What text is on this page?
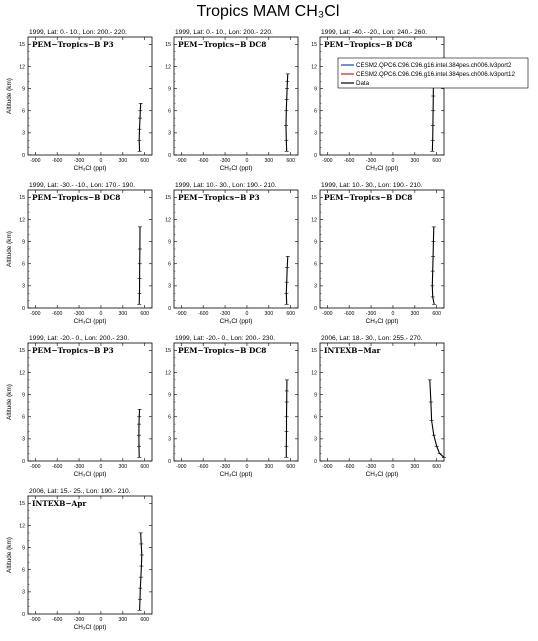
Tropics MAM CH₃Cl
1999, Lat: 0.- 10., Lon: 200.- 220.
PEM−Tropics−B P3
0
3
6
9
12
15
-900 -600 -300	0	300	600
CH₃Cl (ppt)
Altitude (km)
1999, Lat: 0.- 10., Lon: 200.- 220.
PEM−Tropics−B DC8
0
3
6
9
12
15
-900 -600 -300	0	300	600
CH₃Cl (ppt)
1999, Lat: -40.- -20., Lon: 240.- 260.
PEM−Tropics−B DC8
0
3
6
9
12
15
-900 -600 -300	0	300	600
CH₃Cl (ppt)
1999, Lat: -30.- -10., Lon: 170.- 190.
PEM−Tropics−B DC8
0
3
6
9
12
15
-900 -600 -300	0	300	600
CH₃Cl (ppt)
Altitude (km)
1999, Lat: 10.- 30., Lon: 190.- 210.
PEM−Tropics−B P3
0
3
6
9
12
15
-900 -600 -300	0	300	600
CH₃Cl (ppt)
1999, Lat: 10.- 30., Lon: 190.- 210.
PEM−Tropics−B DC8
0
3
6
9
12
15
-900 -600 -300	0	300	600
CH₃Cl (ppt)
1999, Lat: -20.- 0., Lon: 200.- 230.
PEM−Tropics−B P3
0
3
6
9
12
15
-900 -600 -300	0	300	600
CH₃Cl (ppt)
Altitude (km)
1999, Lat: -20.- 0., Lon: 200.- 230.
PEM−Tropics−B DC8
0
3
6
9
12
15
-900 -600 -300	0	300	600
CH₃Cl (ppt)
2006, Lat: 18.- 30., Lon: 255.- 270.
INTEXB−Mar
0
3
6
9
12
15
-900 -600 -300	0	300	600
CH₃Cl (ppt)
2006, Lat: 15.- 25., Lon: 190.- 210.
INTEXB−Apr
0
3
6
9
12
15
-900 -600 -300	0	300	600
CH₃Cl (ppt)
Altitude (km)
CESM2.QPC6.C96.C96.g16.intel.384pes.ch006.lv3port2
CESM2.QPC6.C96.C96.g16.intel.384pes.ch006.lv3port12
Data
